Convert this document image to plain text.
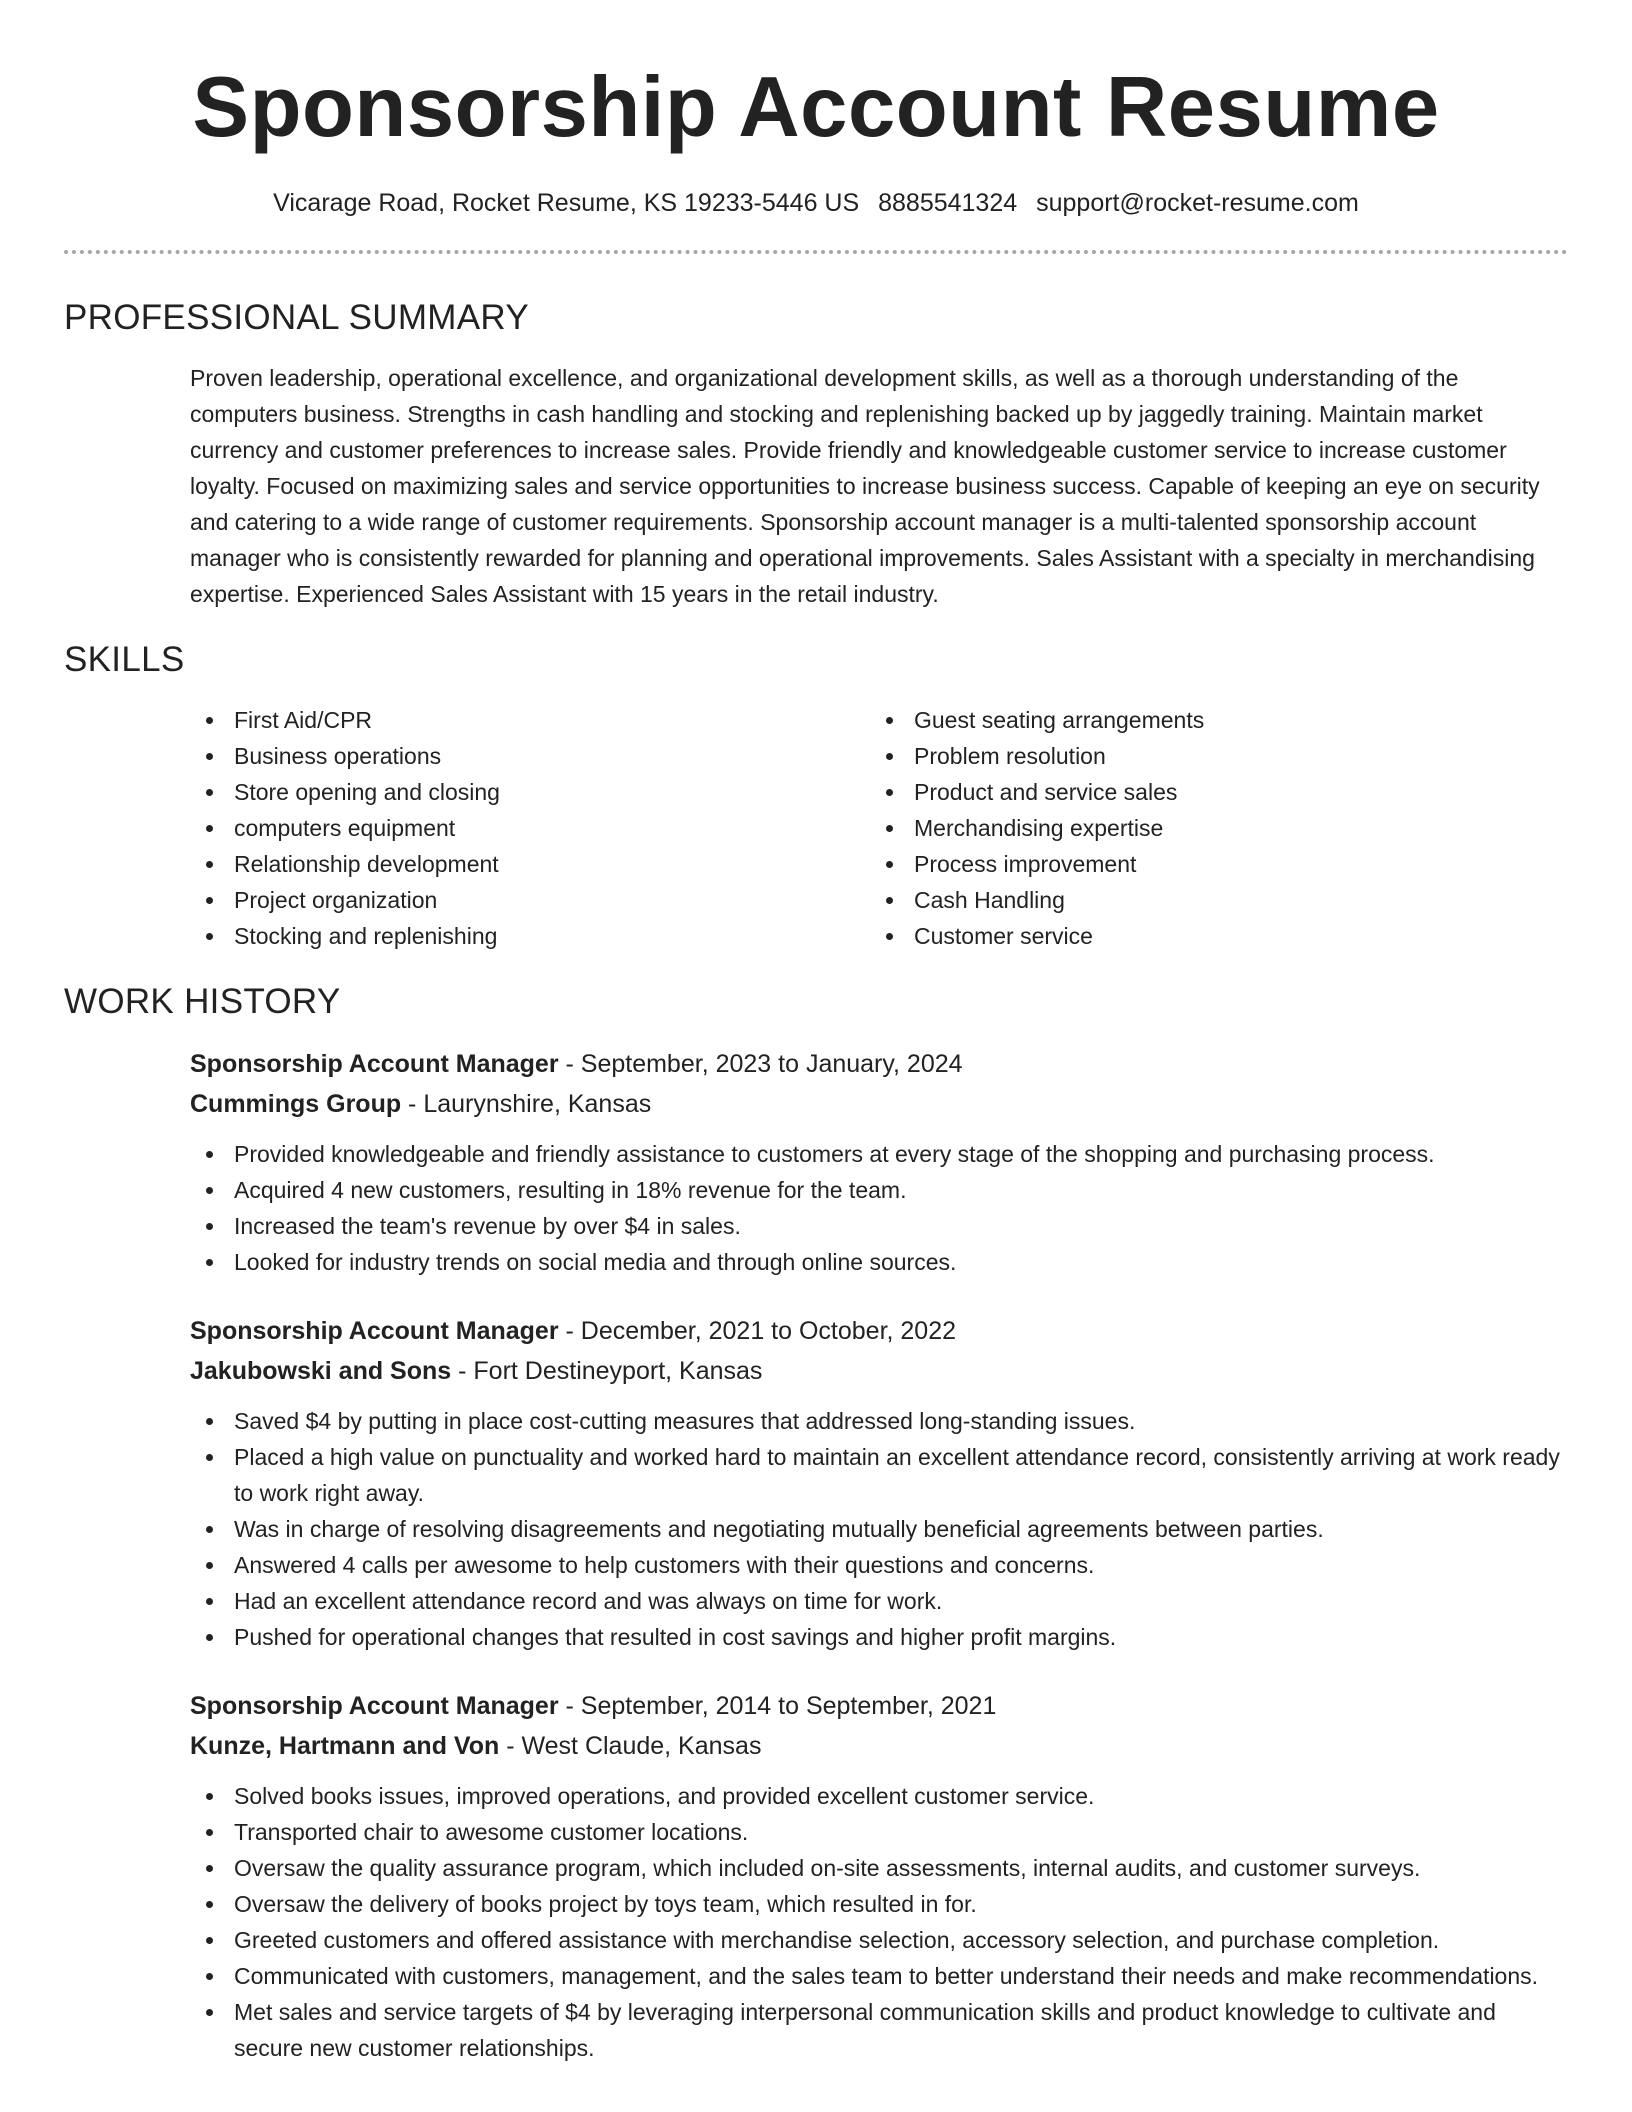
Sponsorship Account Resume
Vicarage Road, Rocket Resume, KS 19233-5446 US 8885541324 support@rocket-resume.com
PROFESSIONAL SUMMARY

Proven leadership, operational excellence, and organizational development skills, as well as a thorough understanding of the computers business. Strengths in cash handling and stocking and replenishing backed up by jaggedly training. Maintain market currency and customer preferences to increase sales. Provide friendly and knowledgeable customer service to increase customer loyalty. Focused on maximizing sales and service opportunities to increase business success. Capable of keeping an eye on security and catering to a wide range of customer requirements. Sponsorship account manager is a multi-talented sponsorship account manager who is consistently rewarded for planning and operational improvements. Sales Assistant with a specialty in merchandising expertise. Experienced Sales Assistant with 15 years in the retail industry.

SKILLS
First Aid/CPR
Business operations
Store opening and closing
computers equipment
Relationship development
Project organization
Stocking and replenishing
Guest seating arrangements
Problem resolution
Product and service sales
Merchandising expertise
Process improvement
Cash Handling
Customer service
WORK HISTORY
Sponsorship Account Manager - September, 2023 to January, 2024
Cummings Group - Laurynshire, Kansas
Provided knowledgeable and friendly assistance to customers at every stage of the shopping and purchasing process.
Acquired 4 new customers, resulting in 18% revenue for the team.
Increased the team's revenue by over $4 in sales.
Looked for industry trends on social media and through online sources.
Sponsorship Account Manager - December, 2021 to October, 2022
Jakubowski and Sons - Fort Destineyport, Kansas
Saved $4 by putting in place cost-cutting measures that addressed long-standing issues.
Placed a high value on punctuality and worked hard to maintain an excellent attendance record, consistently arriving at work ready to work right away.
Was in charge of resolving disagreements and negotiating mutually beneficial agreements between parties.
Answered 4 calls per awesome to help customers with their questions and concerns.
Had an excellent attendance record and was always on time for work.
Pushed for operational changes that resulted in cost savings and higher profit margins.
Sponsorship Account Manager - September, 2014 to September, 2021
Kunze, Hartmann and Von - West Claude, Kansas
Solved books issues, improved operations, and provided excellent customer service.
Transported chair to awesome customer locations.
Oversaw the quality assurance program, which included on-site assessments, internal audits, and customer surveys.
Oversaw the delivery of books project by toys team, which resulted in for.
Greeted customers and offered assistance with merchandise selection, accessory selection, and purchase completion.
Communicated with customers, management, and the sales team to better understand their needs and make recommendations.
Met sales and service targets of $4 by leveraging interpersonal communication skills and product knowledge to cultivate and secure new customer relationships.
